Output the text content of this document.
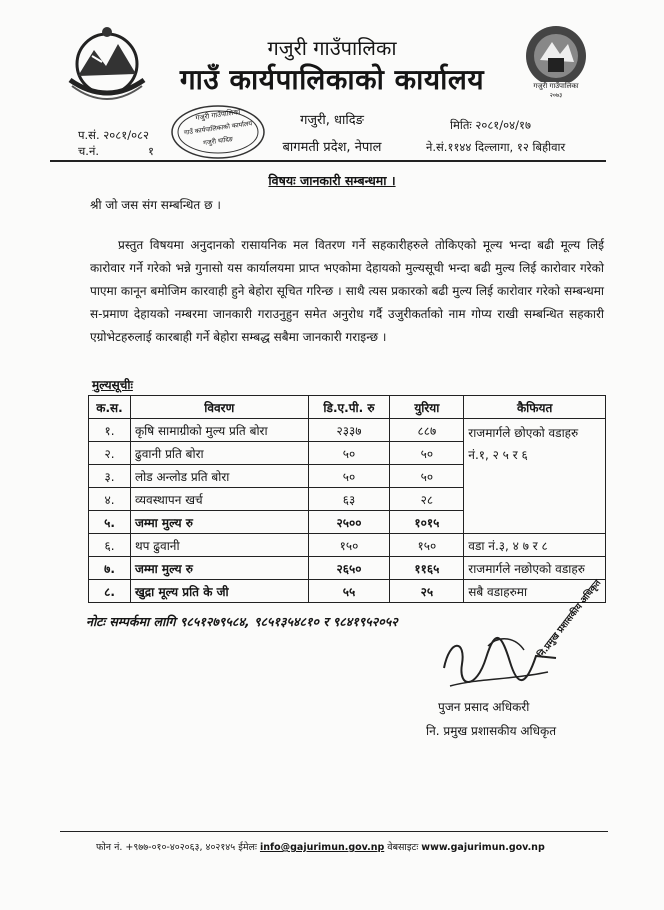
गजुरी गाउँपालिका
२०७३
गजुरी गाउँपालिका
गाउँ कार्यपालिकाको कार्यालय
गजुरी, धादिङ
बागमती प्रदेश, नेपाल
प.सं. २०८१/०८२
च.नं.	१
मितिः २०८१/०४/१७
ने.सं.११४४ दिल्लागा, १२ बिहीवार
गजुरी गाउँपालिका
गाउँ कार्यपालिकाको कार्यालय
गजुरी धादिङ
विषयः जानकारी सम्बन्धमा ।
श्री जो जस संग सम्बन्धित छ ।
प्रस्तुत विषयमा अनुदानको रासायनिक मल वितरण गर्ने सहकारीहरुले तोकिएको मूल्य भन्दा बढी मूल्य लिई कारोवार गर्ने गरेको भन्ने गुनासो यस कार्यालयमा प्राप्त भएकोमा देहायको मुल्यसूची भन्दा बढी मुल्य लिई कारोवार गरेको पाएमा कानून बमोजिम कारवाही हुने बेहोरा सूचित गरिन्छ । साथै त्यस प्रकारको बढी मुल्य लिई कारोवार गरेको सम्बन्धमा स-प्रमाण देहायको नम्बरमा जानकारी गराउनुहुन समेत अनुरोध गर्दै उजुरीकर्ताको नाम गोप्य राखी सम्बन्धित सहकारी एग्रोभेटहरुलाई कारबाही गर्ने बेहोरा सम्बद्ध सबैमा जानकारी गराइन्छ ।
मुल्यसूचीः
क.स.	विवरण	डि.ए.पी. रु	युरिया	कैफियत
१.	कृषि सामाग्रीको मुल्य प्रति बोरा	२३३७	८८७	राजमार्गले छोएको वडाहरु
नं.१, २ ५ र ६

२.	ढुवानी प्रति बोरा	५०	५०	
३.	लोड अन्लोड प्रति बोरा	५०	५०	
४.	व्यवस्थापन खर्च	६३	२८	
५.	जम्मा मुल्य रु	२५००	१०१५	
६.	थप ढुवानी	१५०	१५०	वडा नं.३, ४ ७ र ८
७.	जम्मा मुल्य रु	२६५०	११६५	राजमार्गले नछोएको वडाहरु
८.	खुद्रा मूल्य प्रति के जी	५५	२५	सबै वडाहरुमा
नोटः सम्पर्कमा लागि ९८५१२७९५८४, ९८५१३५४८१० र ९८४१९५२०५२	नि.प्रमुख प्रशासकीय अधिकृत
पुजन प्रसाद अधिकरी
नि. प्रमुख प्रशासकीय अधिकृत
फोन नं. +९७७-०१०-४०२०६३, ४०२१४५ ईमेलः info@gajurimun.gov.np वेबसाइटः www.gajurimun.gov.np
